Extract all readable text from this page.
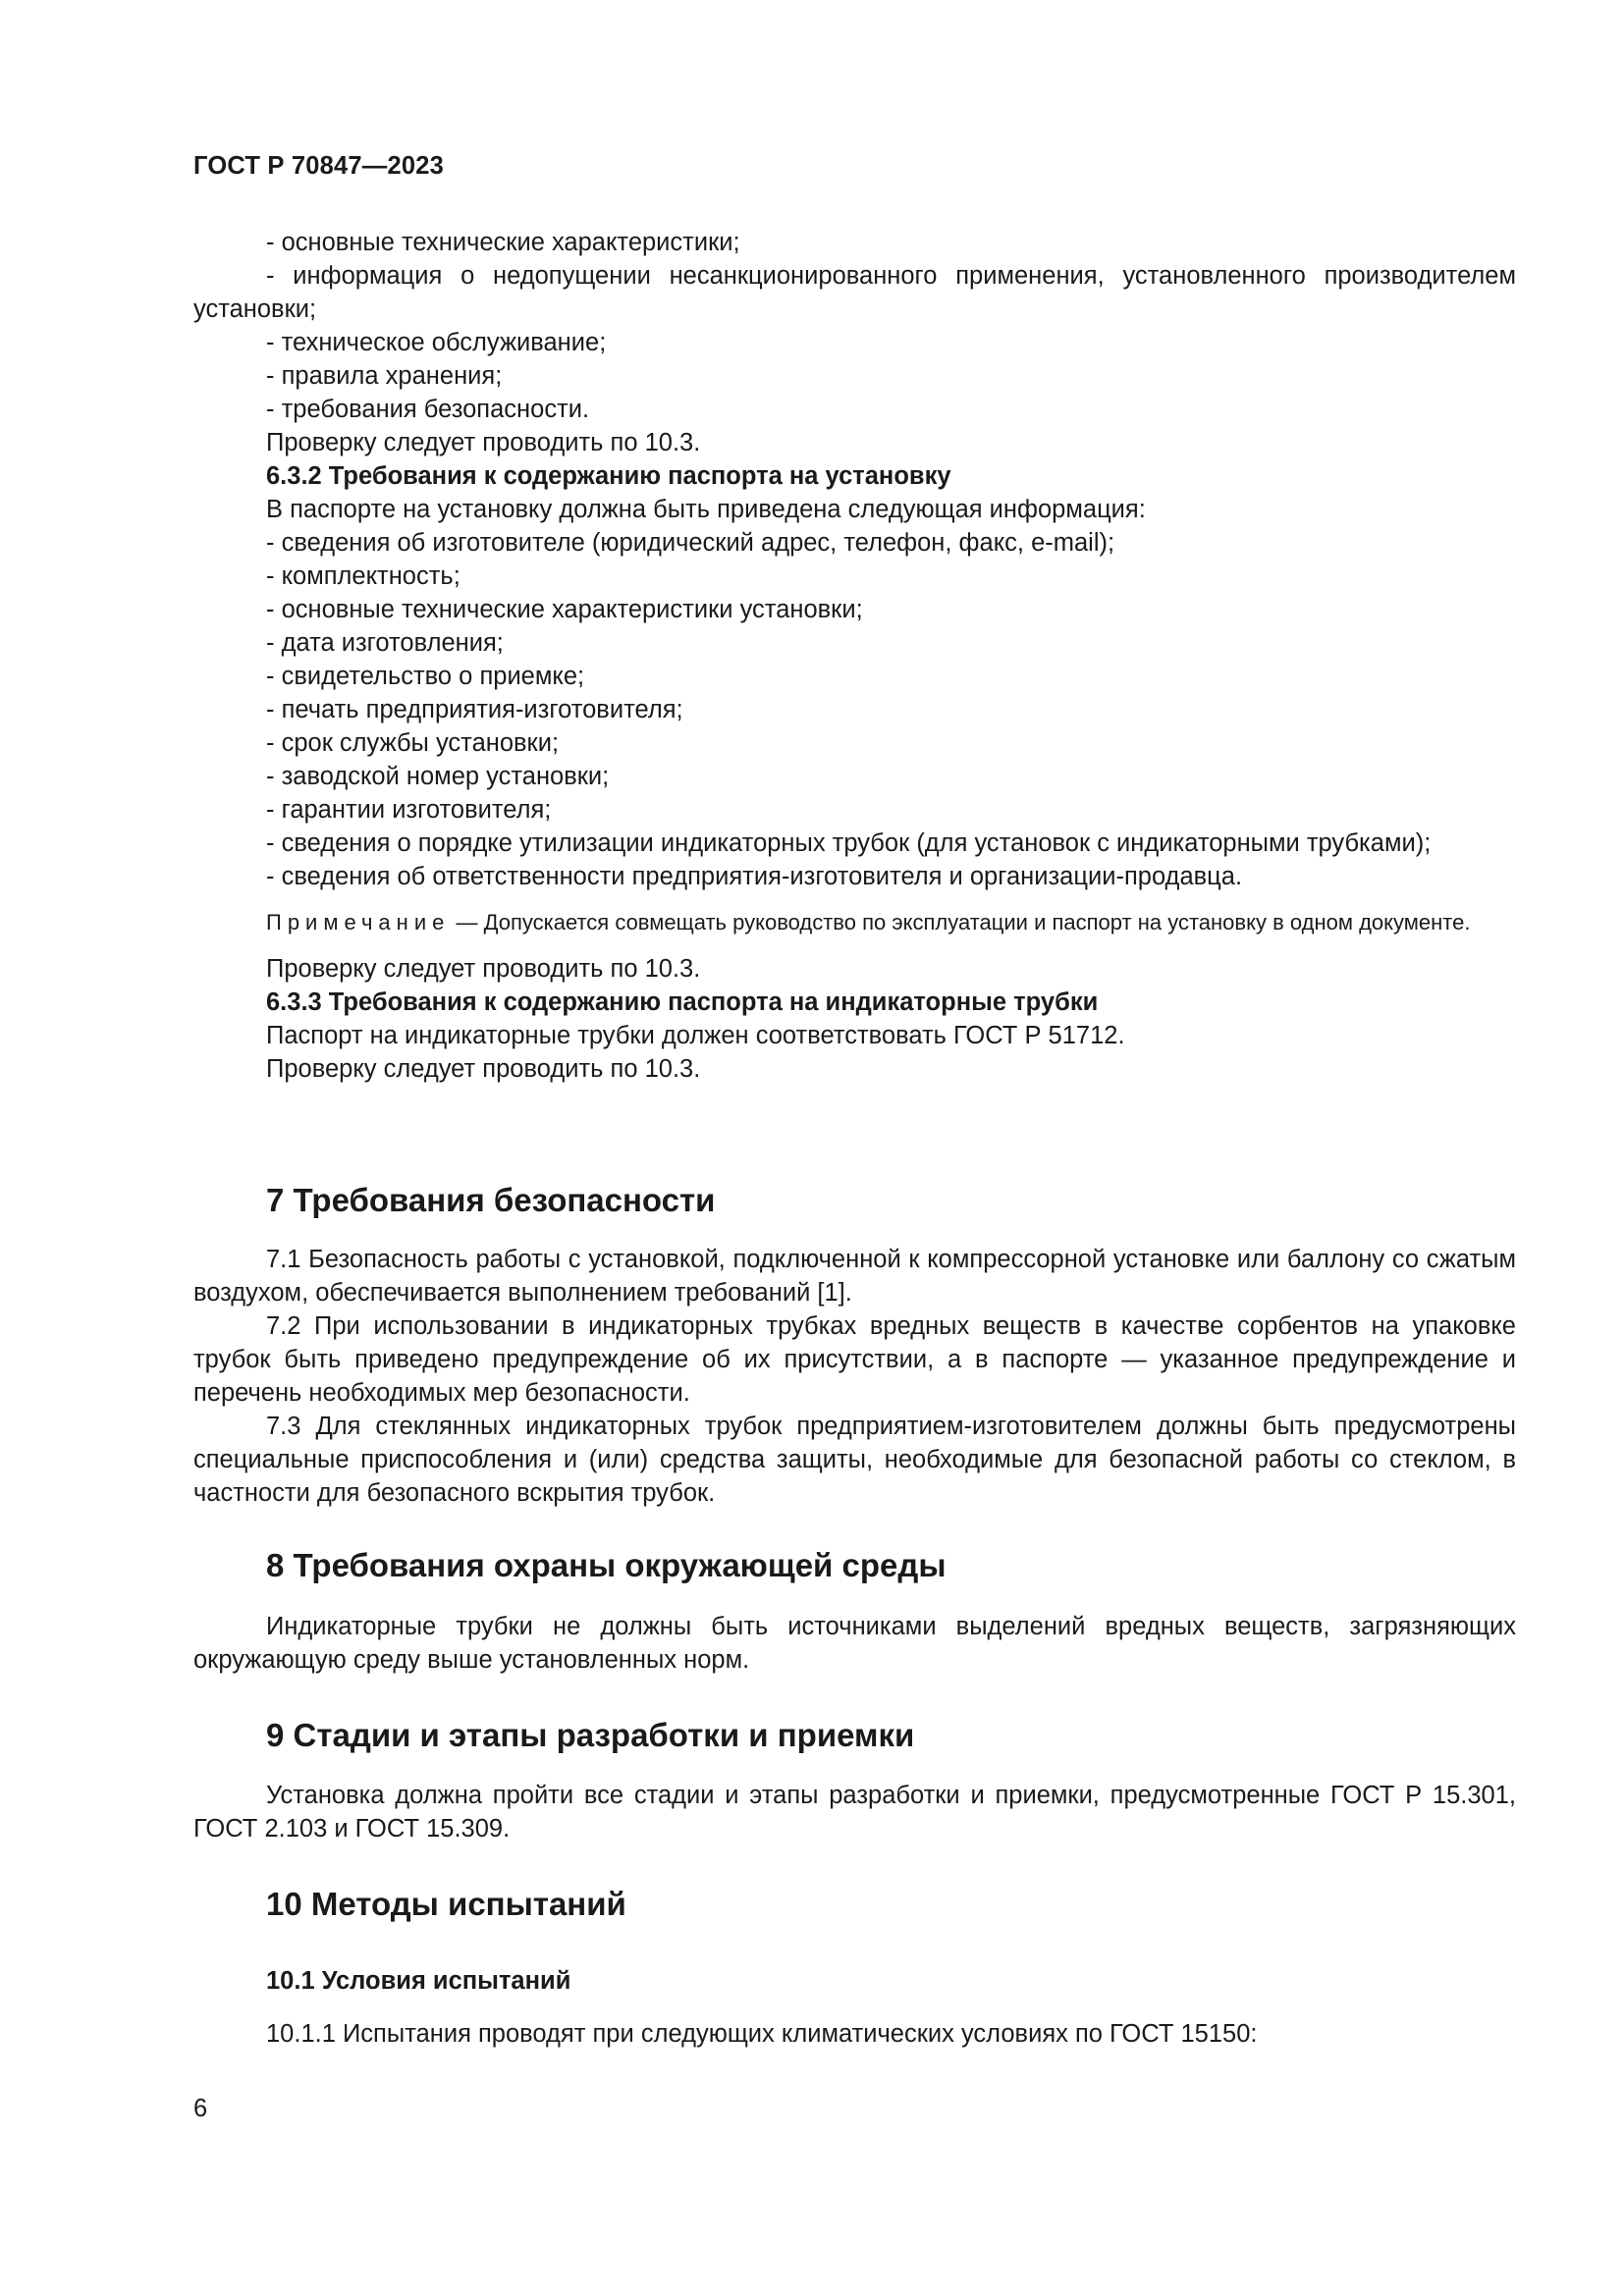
ГОСТ Р 70847—2023

- основные технические характеристики;

- информация о недопущении несанкционированного применения, установленного производителем установки;

- техническое обслуживание;

- правила хранения;

- требования безопасности.

Проверку следует проводить по 10.3.

6.3.2 Требования к содержанию паспорта на установку

В паспорте на установку должна быть приведена следующая информация:

- сведения об изготовителе (юридический адрес, телефон, факс, e-mail);

- комплектность;

- основные технические характеристики установки;

- дата изготовления;

- свидетельство о приемке;

- печать предприятия-изготовителя;

- срок службы установки;

- заводской номер установки;

- гарантии изготовителя;

- сведения о порядке утилизации индикаторных трубок (для установок с индикаторными трубками);

- сведения об ответственности предприятия-изготовителя и организации-продавца.

Примечание — Допускается совмещать руководство по эксплуатации и паспорт на установку в одном документе.

Проверку следует проводить по 10.3.

6.3.3 Требования к содержанию паспорта на индикаторные трубки

Паспорт на индикаторные трубки должен соответствовать ГОСТ Р 51712.

Проверку следует проводить по 10.3.

7 Требования безопасности

7.1 Безопасность работы с установкой, подключенной к компрессорной установке или баллону со сжатым воздухом, обеспечивается выполнением требований [1].

7.2 При использовании в индикаторных трубках вредных веществ в качестве сорбентов на упаковке трубок быть приведено предупреждение об их присутствии, а в паспорте — указанное предупреждение и перечень необходимых мер безопасности.

7.3 Для стеклянных индикаторных трубок предприятием-изготовителем должны быть предусмотрены специальные приспособления и (или) средства защиты, необходимые для безопасной работы со стеклом, в частности для безопасного вскрытия трубок.

8 Требования охраны окружающей среды

Индикаторные трубки не должны быть источниками выделений вредных веществ, загрязняющих окружающую среду выше установленных норм.

9 Стадии и этапы разработки и приемки

Установка должна пройти все стадии и этапы разработки и приемки, предусмотренные ГОСТ Р 15.301, ГОСТ 2.103 и ГОСТ 15.309.

10 Методы испытаний

10.1 Условия испытаний

10.1.1 Испытания проводят при следующих климатических условиях по ГОСТ 15150:

6
